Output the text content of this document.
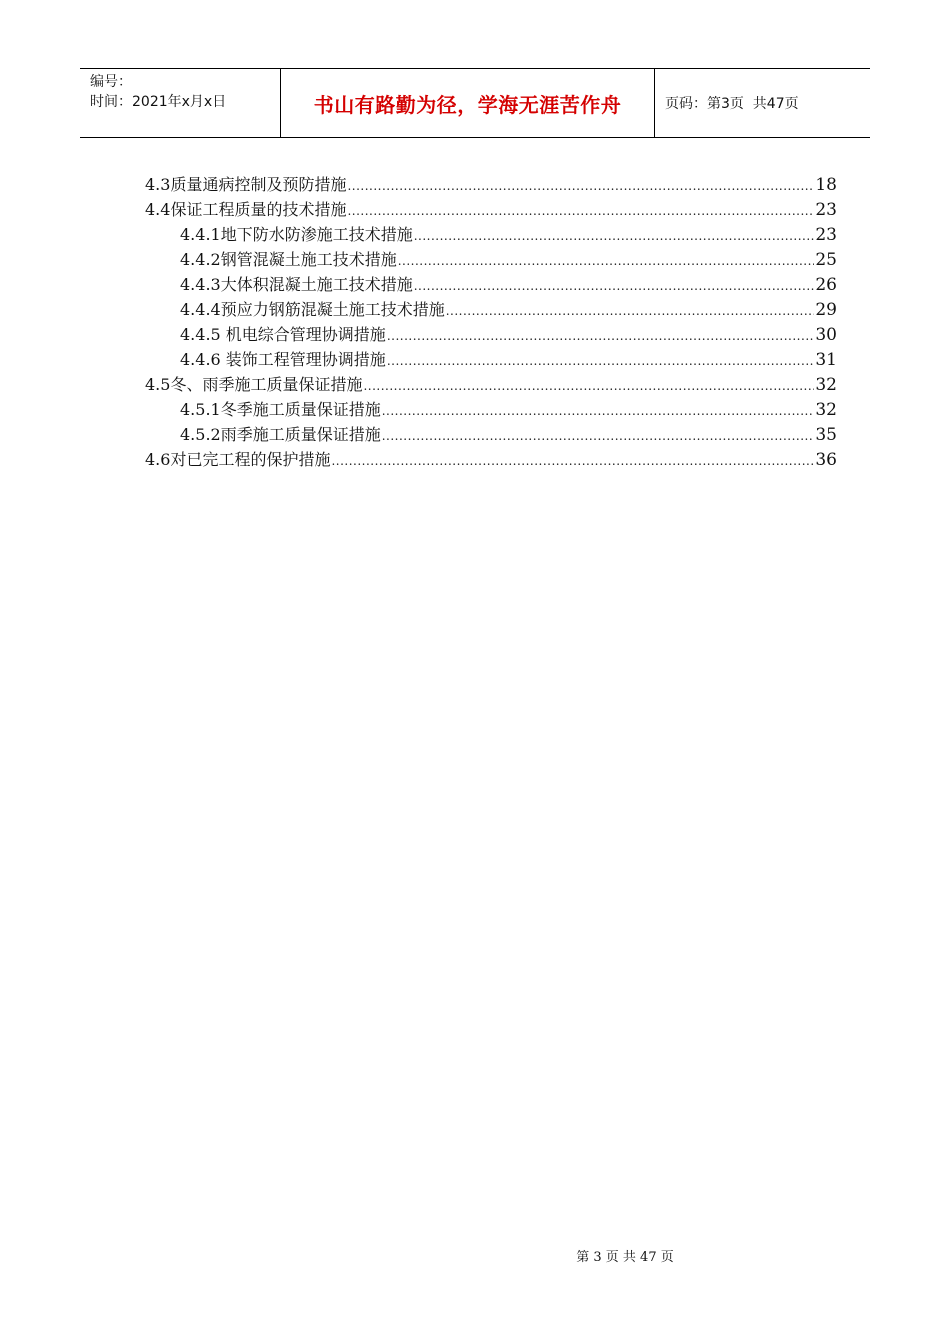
编号：
时间：2021年x月x日	书山有路勤为径，学海无涯苦作舟	页码：第3页  共47页
4.3质量通病控制及预防措施 .....	18
4.4保证工程质量的技术措施 .....	23
4.4.1地下防水防渗施工技术措施 .....	23
4.4.2钢管混凝土施工技术措施 .....	25
4.4.3大体积混凝土施工技术措施 .....	26
4.4.4预应力钢筋混凝土施工技术措施 .....	29
4.4.5 机电综合管理协调措施 .....	30
4.4.6 装饰工程管理协调措施 .....	31
4.5冬、雨季施工质量保证措施 .....	32
4.5.1冬季施工质量保证措施 .....	32
4.5.2雨季施工质量保证措施 .....	35
4.6对已完工程的保护措施 .....	36
第 3 页 共 47 页
